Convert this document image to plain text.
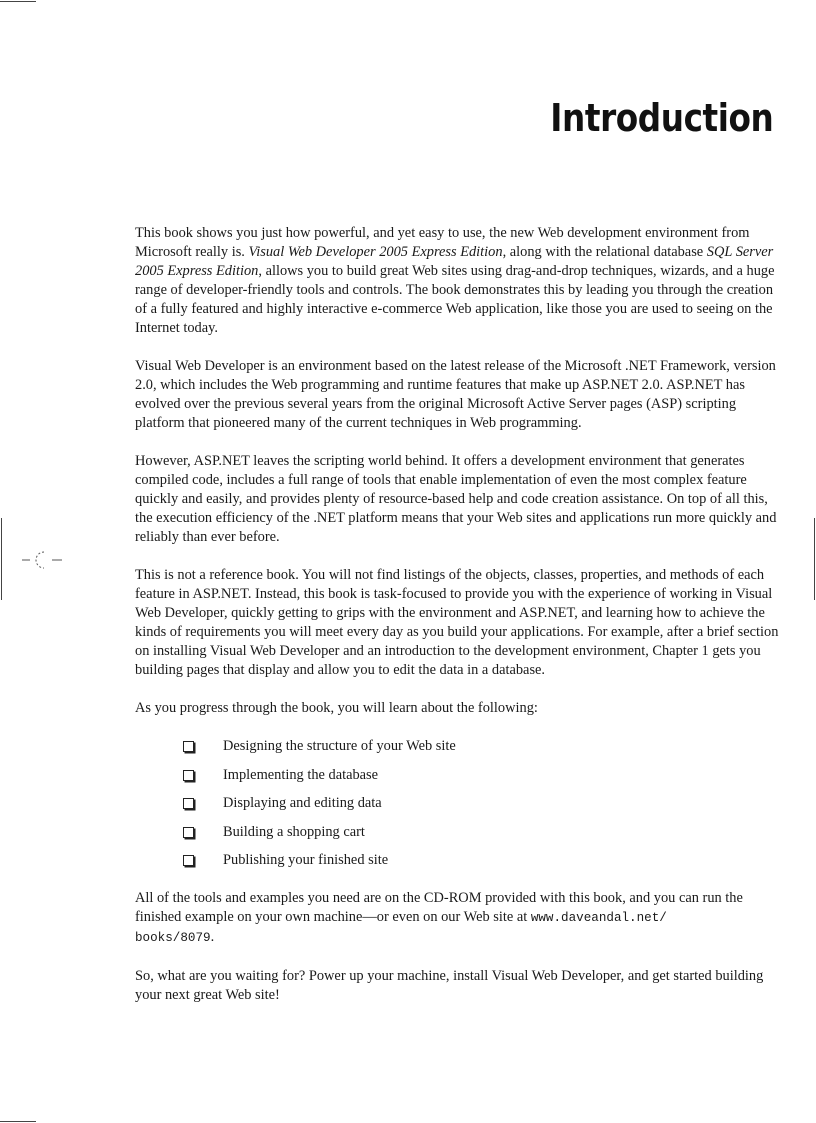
Introduction

This book shows you just how powerful, and yet easy to use, the new Web development environment from Microsoft really is. Visual Web Developer 2005 Express Edition, along with the relational database SQL Server 2005 Express Edition, allows you to build great Web sites using drag-and-drop techniques, wizards, and a huge range of developer-friendly tools and controls. The book demonstrates this by leading you through the creation of a fully featured and highly interactive e-commerce Web application, like those you are used to seeing on the Internet today.

Visual Web Developer is an environment based on the latest release of the Microsoft .NET Framework, version 2.0, which includes the Web programming and runtime features that make up ASP.NET 2.0. ASP.NET has evolved over the previous several years from the original Microsoft Active Server pages (ASP) scripting platform that pioneered many of the current techniques in Web programming.

However, ASP.NET leaves the scripting world behind. It offers a development environment that generates compiled code, includes a full range of tools that enable implementation of even the most complex feature quickly and easily, and provides plenty of resource-based help and code creation assistance. On top of all this, the execution efficiency of the .NET platform means that your Web sites and applications run more quickly and reliably than ever before.

This is not a reference book. You will not find listings of the objects, classes, properties, and methods of each feature in ASP.NET. Instead, this book is task-focused to provide you with the experience of working in Visual Web Developer, quickly getting to grips with the environment and ASP.NET, and learning how to achieve the kinds of requirements you will meet every day as you build your applications. For example, after a brief section on installing Visual Web Developer and an introduction to the development environment, Chapter 1 gets you building pages that display and allow you to edit the data in a database.

As you progress through the book, you will learn about the following:

Designing the structure of your Web site
Implementing the database
Displaying and editing data
Building a shopping cart
Publishing your finished site

All of the tools and examples you need are on the CD-ROM provided with this book, and you can run the finished example on your own machine—or even on our Web site at www.daveandal.net/
books/8079.

So, what are you waiting for? Power up your machine, install Visual Web Developer, and get started building your next great Web site!
